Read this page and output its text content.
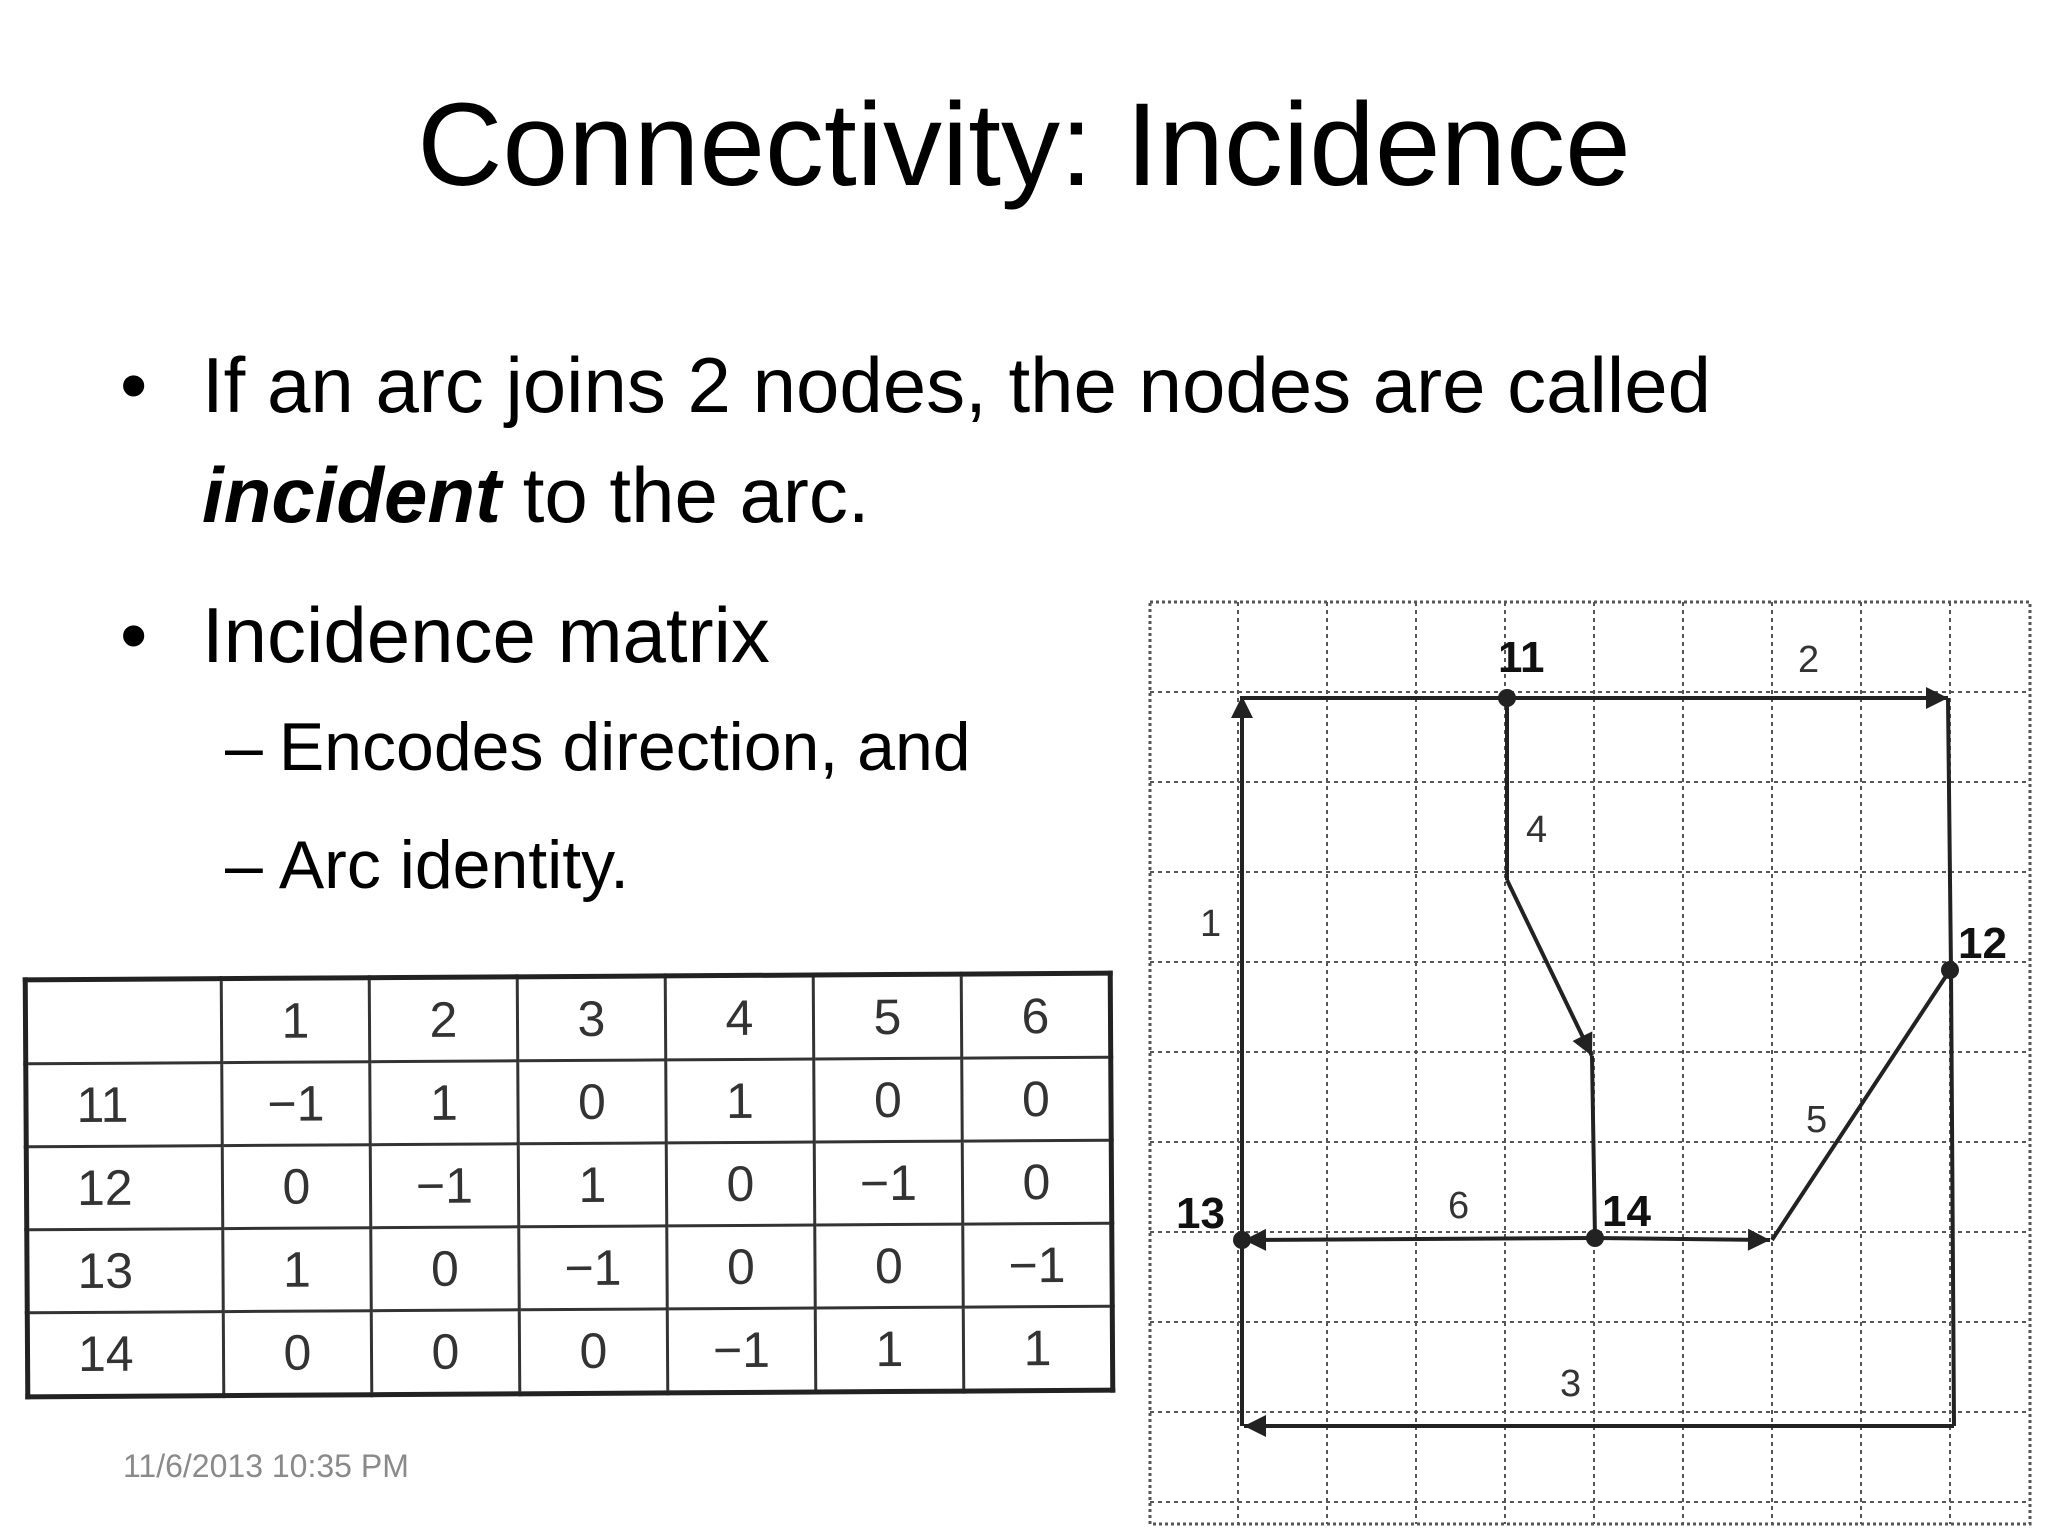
Connectivity: Incidence
• If an arc joins 2 nodes, the nodes are called
incident to the arc.
• Incidence matrix
– Encodes direction, and
– Arc identity.
	1	2	3	4	5	6
11	−1	1	0	1	0	0
12	0	−1	1	0	−1	0
13	1	0	−1	0	0	−1
14	0	0	0	−1	1	1
11/6/2013 10:35 PM
11
12
13	14
1
2
3
4
5
6
